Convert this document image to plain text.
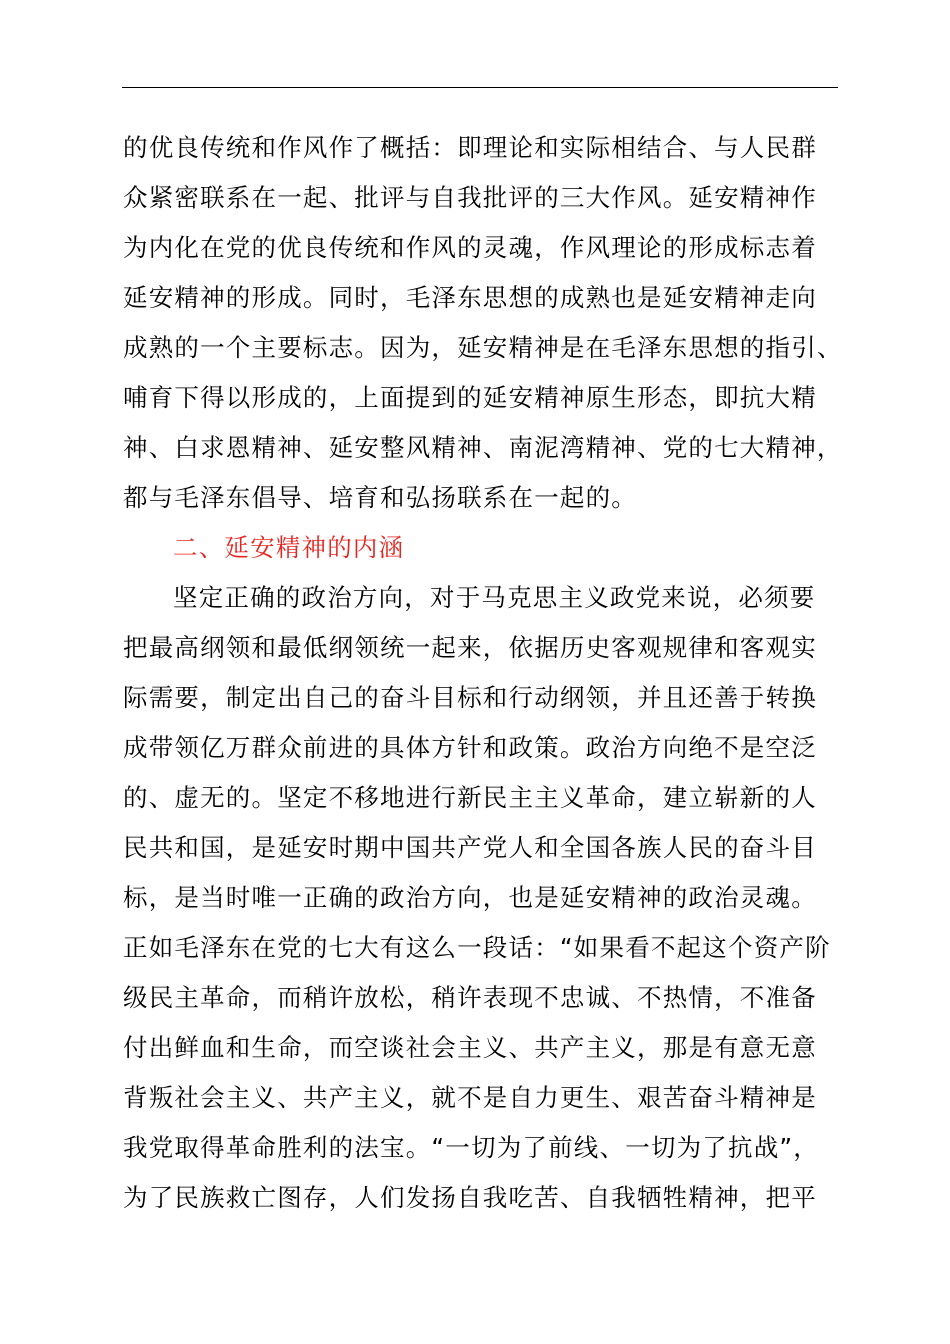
的优良传统和作风作了概括：即理论和实际相结合、与人民群
众紧密联系在一起、批评与自我批评的三大作风。延安精神作
为内化在党的优良传统和作风的灵魂，作风理论的形成标志着
延安精神的形成。同时，毛泽东思想的成熟也是延安精神走向
成熟的一个主要标志。因为，延安精神是在毛泽东思想的指引、
哺育下得以形成的，上面提到的延安精神原生形态，即抗大精
神、白求恩精神、延安整风精神、南泥湾精神、党的七大精神，
都与毛泽东倡导、培育和弘扬联系在一起的。
二、延安精神的内涵
坚定正确的政治方向，对于马克思主义政党来说，必须要
把最高纲领和最低纲领统一起来，依据历史客观规律和客观实
际需要，制定出自己的奋斗目标和行动纲领，并且还善于转换
成带领亿万群众前进的具体方针和政策。政治方向绝不是空泛
的、虚无的。坚定不移地进行新民主主义革命，建立崭新的人
民共和国，是延安时期中国共产党人和全国各族人民的奋斗目
标，是当时唯一正确的政治方向，也是延安精神的政治灵魂。
正如毛泽东在党的七大有这么一段话：“如果看不起这个资产阶
级民主革命，而稍许放松，稍许表现不忠诚、不热情，不准备
付出鲜血和生命，而空谈社会主义、共产主义，那是有意无意
背叛社会主义、共产主义，就不是自力更生、艰苦奋斗精神是
我党取得革命胜利的法宝。“一切为了前线、一切为了抗战”，
为了民族救亡图存，人们发扬自我吃苦、自我牺牲精神，把平
